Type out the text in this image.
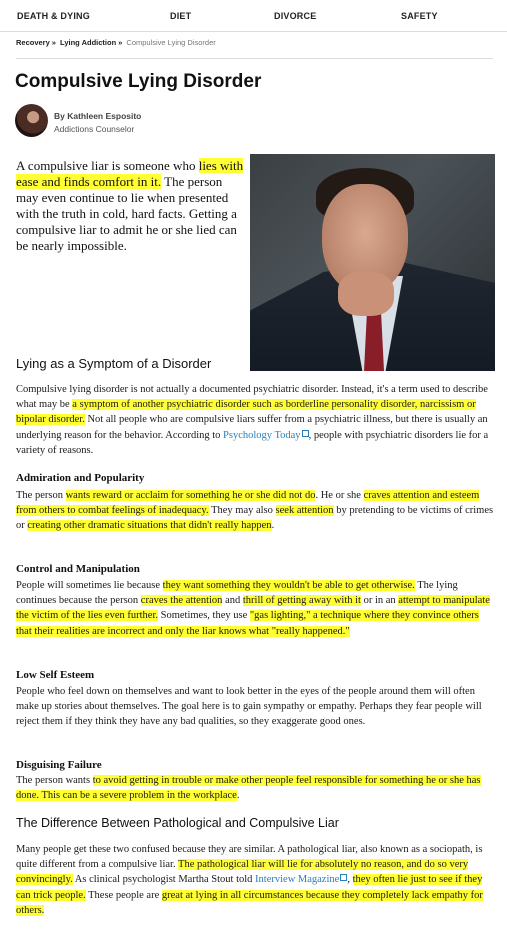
DEATH & DYING	DIET	DIVORCE	SAFETY
Recovery » Lying Addiction » Compulsive Lying Disorder
Compulsive Lying Disorder
By Kathleen Esposito
Addictions Counselor

A compulsive liar is someone who lies with ease and finds comfort in it. The person may even continue to lie when presented with the truth in cold, hard facts. Getting a compulsive liar to admit he or she lied can be nearly impossible.

Lying as a Symptom of a Disorder

Compulsive lying disorder is not actually a documented psychiatric disorder. Instead, it's a term used to describe what may be a symptom of another psychiatric disorder such as borderline personality disorder, narcissism or bipolar disorder. Not all people who are compulsive liars suffer from a psychiatric illness, but there is usually an underlying reason for the behavior. According to Psychology Today , people with psychiatric disorders lie for a variety of reasons.

Admiration and Popularity

The person wants reward or acclaim for something he or she did not do. He or she craves attention and esteem from others to combat feelings of inadequacy. They may also seek attention by pretending to be victims of crimes or creating other dramatic situations that didn't really happen.

Control and Manipulation

People will sometimes lie because they want something they wouldn't be able to get otherwise. The lying continues because the person craves the attention and thrill of getting away with it or in an attempt to manipulate the victim of the lies even further. Sometimes, they use "gas lighting," a technique where they convince others that their realities are incorrect and only the liar knows what "really happened."

Low Self Esteem

People who feel down on themselves and want to look better in the eyes of the people around them will often make up stories about themselves. The goal here is to gain sympathy or empathy. Perhaps they fear people will reject them if they think they have any bad qualities, so they exaggerate good ones.

Disguising Failure

The person wants to avoid getting in trouble or make other people feel responsible for something he or she has done. This can be a severe problem in the workplace.

The Difference Between Pathological and Compulsive Liar

Many people get these two confused because they are similar. A pathological liar, also known as a sociopath, is quite different from a compulsive liar. The pathological liar will lie for absolutely no reason, and do so very convincingly. As clinical psychologist Martha Stout told Interview Magazine , they often lie just to see if they can trick people. These people are great at lying in all circumstances because they completely lack empathy for others.
